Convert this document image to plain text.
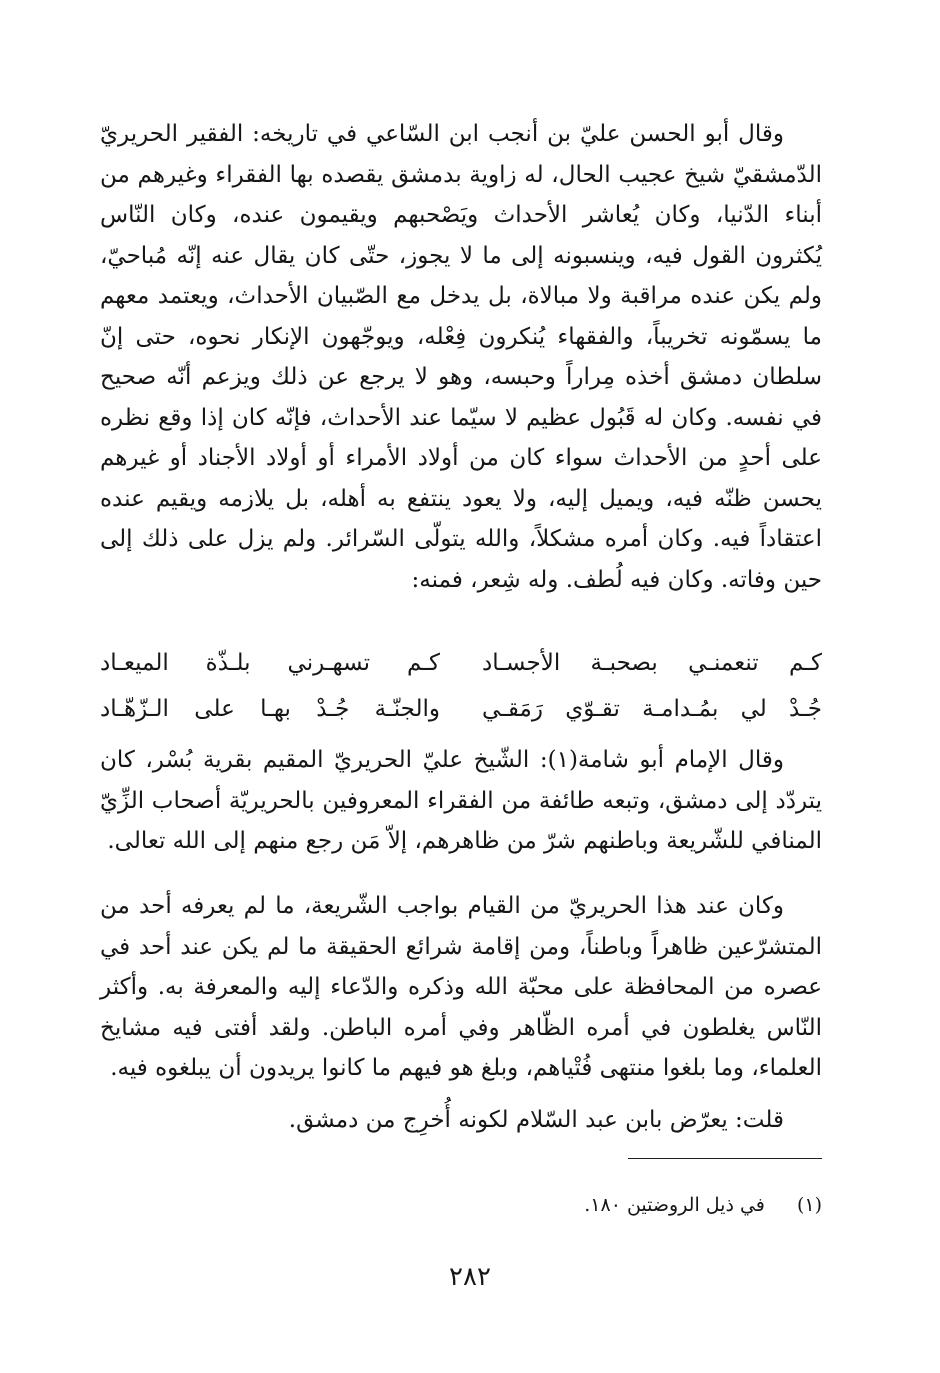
وقال أبو الحسن عليّ بن أنجب ابن السّاعي في تاريخه: الفقير الحريريّ الدّمشقيّ شيخ عجيب الحال، له زاوية بدمشق يقصده بها الفقراء وغيرهم من أبناء الدّنيا، وكان يُعاشر الأحداث ويَصْحبهم ويقيمون عنده، وكان النّاس يُكثرون القول فيه، وينسبونه إلى ما لا يجوز، حتّى كان يقال عنه إنّه مُباحيّ، ولم يكن عنده مراقبة ولا مبالاة، بل يدخل مع الصّبيان الأحداث، ويعتمد معهم ما يسمّونه تخريباً، والفقهاء يُنكرون فِعْله، ويوجّهون الإنكار نحوه، حتى إنّ سلطان دمشق أخذه مِراراً وحبسه، وهو لا يرجع عن ذلك ويزعم أنّه صحيح في نفسه. وكان له قَبُول عظيم لا سيّما عند الأحداث، فإنّه كان إذا وقع نظره على أحدٍ من الأحداث سواء كان من أولاد الأمراء أو أولاد الأجناد أو غيرهم يحسن ظنّه فيه، ويميل إليه، ولا يعود ينتفع به أهله، بل يلازمه ويقيم عنده اعتقاداً فيه. وكان أمره مشكلاً، والله يتولّى السّرائر. ولم يزل على ذلك إلى حين وفاته. وكان فيه لُطف. وله شِعر، فمنه:

كـم تنعمنـي بصحبـة الأجسـاد
كـم تسهـرني بلـذّة الميعـاد
جُـدْ لي بمُـدامـة تقـوّي رَمَقـي
والجنّـة جُـدْ بهـا على الـزّهّـاد

وقال الإمام أبو شامة(١): الشّيخ عليّ الحريريّ المقيم بقرية بُسْر، كان يتردّد إلى دمشق، وتبعه طائفة من الفقراء المعروفين بالحريريّة أصحاب الزِّيّ المنافي للشّريعة وباطنهم شرّ من ظاهرهم، إلاّ مَن رجع منهم إلى الله تعالى.

وكان عند هذا الحريريّ من القيام بواجب الشّريعة، ما لم يعرفه أحد من المتشرّعين ظاهراً وباطناً، ومن إقامة شرائع الحقيقة ما لم يكن عند أحد في عصره من المحافظة على محبّة الله وذكره والدّعاء إليه والمعرفة به. وأكثر النّاس يغلطون في أمره الظّاهر وفي أمره الباطن. ولقد أفتى فيه مشايخ العلماء، وما بلغوا منتهى فُتْياهم، وبلغ هو فيهم ما كانوا يريدون أن يبلغوه فيه.

قلت: يعرّض بابن عبد السّلام لكونه أُخرِج من دمشق.

(١) في ذيل الروضتين ١٨٠.
٢٨٢
